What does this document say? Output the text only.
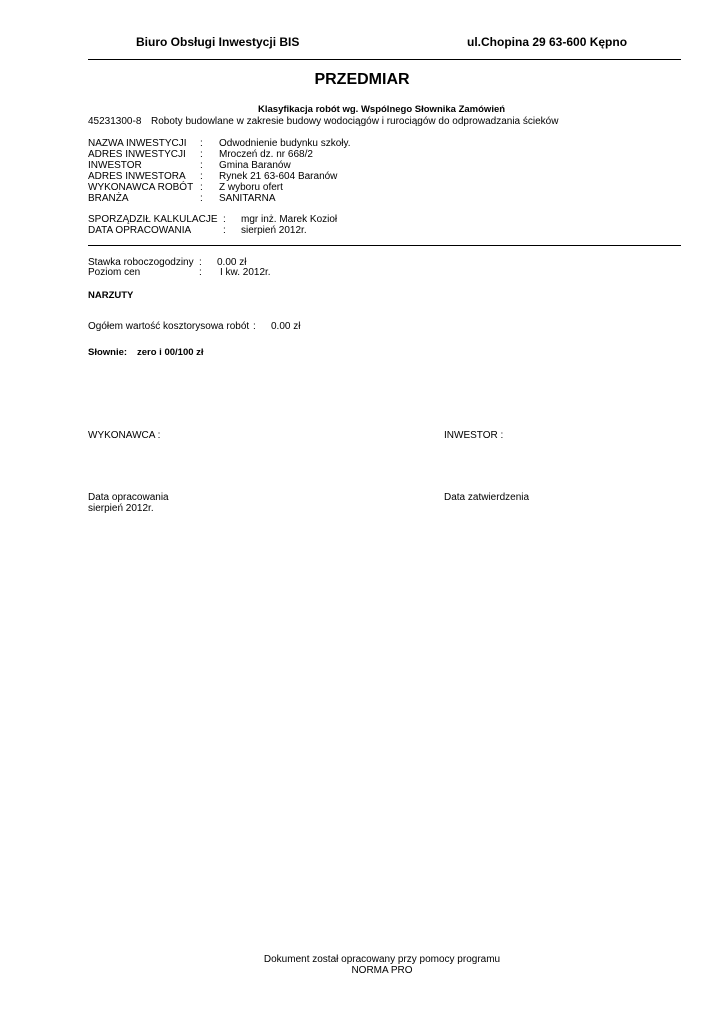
Biuro Obsługi Inwestycji BIS	ul.Chopina 29 63-600 Kępno
PRZEDMIAR
Klasyfikacja robót wg. Wspólnego Słownika Zamówień
45231300-8 Roboty budowlane w zakresie budowy wodociągów i rurociągów do odprowadzania ścieków
NAZWA INWESTYCJI : Odwodnienie budynku szkoły.
ADRES INWESTYCJI : Mroczeń dz. nr 668/2
INWESTOR	: Gmina Baranów
ADRES INWESTORA : Rynek 21 63-604 Baranów
WYKONAWCA ROBÓT : Z wyboru ofert
BRANŻA	: SANITARNA
SPORZĄDZIŁ KALKULACJE : mgr inż. Marek Kozioł
DATA OPRACOWANIA	: sierpień 2012r.
Stawka roboczogodziny : 0.00 zł
Poziom cen	: I kw. 2012r.
NARZUTY
Ogółem wartość kosztorysowa robót : 0.00 zł
Słownie: zero i 00/100 zł
WYKONAWCA :	INWESTOR :
Data opracowania
sierpień 2012r.
Data zatwierdzenia
Dokument został opracowany przy pomocy programu
NORMA PRO
